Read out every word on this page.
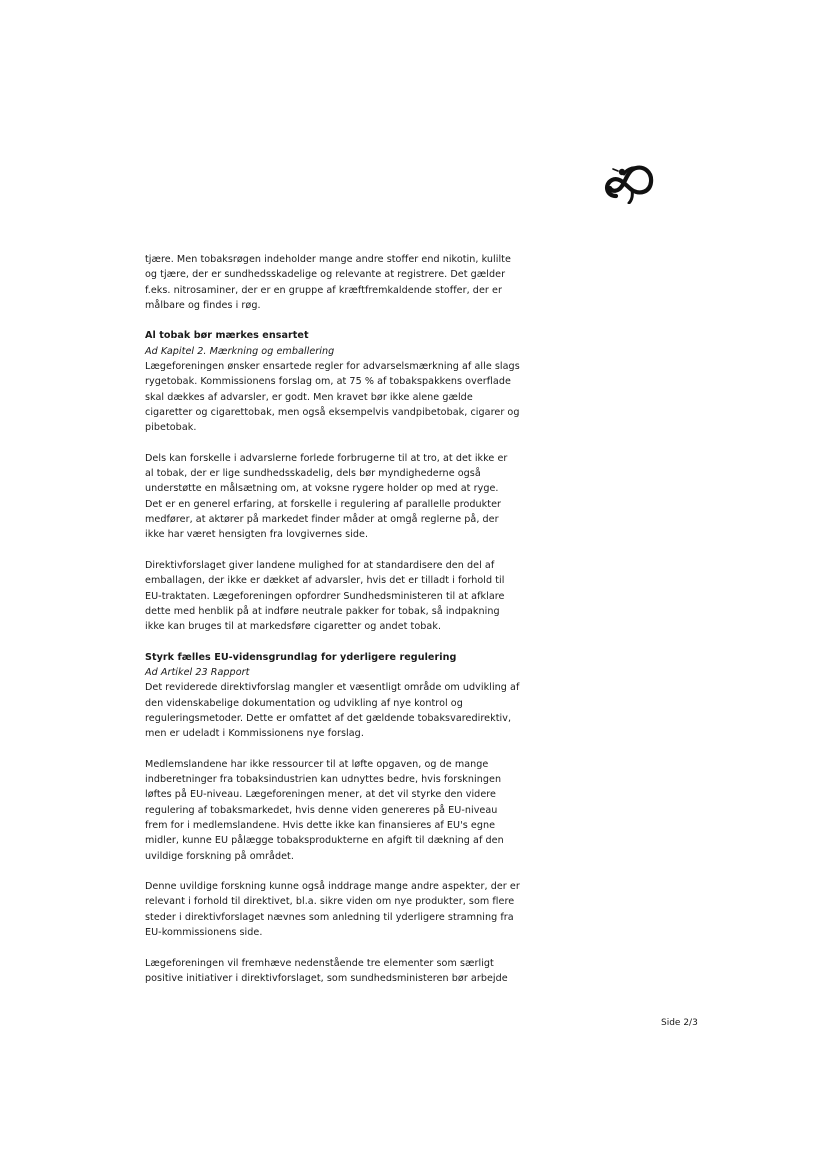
tjære. Men tobaksrøgen indeholder mange andre stoffer end nikotin, kulilte
og tjære, der er sundhedsskadelige og relevante at registrere. Det gælder
f.eks. nitrosaminer, der er en gruppe af kræftfremkaldende stoffer, der er
målbare og findes i røg.

Al tobak bør mærkes ensartet

Ad Kapitel 2. Mærkning og emballering

Lægeforeningen ønsker ensartede regler for advarselsmærkning af alle slags
rygetobak. Kommissionens forslag om, at 75 % af tobakspakkens overflade
skal dækkes af advarsler, er godt. Men kravet bør ikke alene gælde
cigaretter og cigarettobak, men også eksempelvis vandpibetobak, cigarer og
pibetobak.

Dels kan forskelle i advarslerne forlede forbrugerne til at tro, at det ikke er
al tobak, der er lige sundhedsskadelig, dels bør myndighederne også
understøtte en målsætning om, at voksne rygere holder op med at ryge.
Det er en generel erfaring, at forskelle i regulering af parallelle produkter
medfører, at aktører på markedet finder måder at omgå reglerne på, der
ikke har været hensigten fra lovgivernes side.

Direktivforslaget giver landene mulighed for at standardisere den del af
emballagen, der ikke er dækket af advarsler, hvis det er tilladt i forhold til
EU-traktaten. Lægeforeningen opfordrer Sundhedsministeren til at afklare
dette med henblik på at indføre neutrale pakker for tobak, så indpakning
ikke kan bruges til at markedsføre cigaretter og andet tobak.

Styrk fælles EU-vidensgrundlag for yderligere regulering

Ad Artikel 23 Rapport

Det reviderede direktivforslag mangler et væsentligt område om udvikling af
den videnskabelige dokumentation og udvikling af nye kontrol og
reguleringsmetoder. Dette er omfattet af det gældende tobaksvaredirektiv,
men er udeladt i Kommissionens nye forslag.

Medlemslandene har ikke ressourcer til at løfte opgaven, og de mange
indberetninger fra tobaksindustrien kan udnyttes bedre, hvis forskningen
løftes på EU-niveau. Lægeforeningen mener, at det vil styrke den videre
regulering af tobaksmarkedet, hvis denne viden genereres på EU-niveau
frem for i medlemslandene. Hvis dette ikke kan finansieres af EU's egne
midler, kunne EU pålægge tobaksprodukterne en afgift til dækning af den
uvildige forskning på området.

Denne uvildige forskning kunne også inddrage mange andre aspekter, der er
relevant i forhold til direktivet, bl.a. sikre viden om nye produkter, som flere
steder i direktivforslaget nævnes som anledning til yderligere stramning fra
EU-kommissionens side.

Lægeforeningen vil fremhæve nedenstående tre elementer som særligt
positive initiativer i direktivforslaget, som sundhedsministeren bør arbejde

Side 2/3
